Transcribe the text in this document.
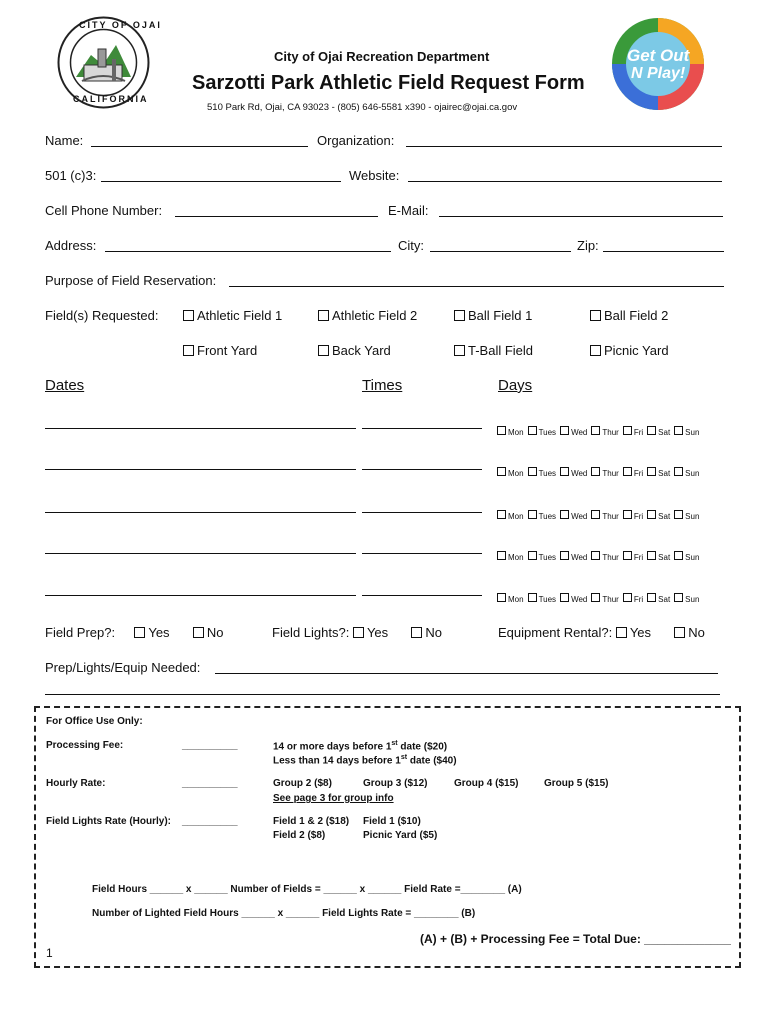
CITY OF OJAI
CALIFORNIA
Get Out
N Play!
City of Ojai Recreation Department
Sarzotti Park Athletic Field Request Form
510 Park Rd, Ojai, CA 93023 - (805) 646-5581 x390 - ojairec@ojai.ca.gov
Name:	Organization:
501 (c)3:	Website:
Cell Phone Number:	E-Mail:
Address:	City:	Zip:
Purpose of Field Reservation:
Field(s) Requested:	Athletic Field 1	Athletic Field 2	Ball Field 1	Ball Field 2
Front Yard	Back Yard	T-Ball Field	Picnic Yard
Dates	Times	Days
Mon Tues Wed Thur Fri Sat Sun
Mon Tues Wed Thur Fri Sat Sun
Mon Tues Wed Thur Fri Sat Sun
Mon Tues Wed Thur Fri Sat Sun
Mon Tues Wed Thur Fri Sat Sun
Field Prep?:	Yes	No	Field Lights?: Yes	No	Equipment Rental?: Yes	No
Prep/Lights/Equip Needed:
For Office Use Only:
Processing Fee:	__________	14 or more days before 1st date ($20)
Less than 14 days before 1st date ($40)
Hourly Rate:	__________	Group 2 ($8)	Group 3 ($12)	Group 4 ($15)	Group 5 ($15)
See page 3 for group info
Field Lights Rate (Hourly): __________	Field 1 & 2 ($18) Field 1 ($10)
Field 2 ($8)	Picnic Yard ($5)
Field Hours ______ x ______ Number of Fields = ______ x ______ Field Rate =________ (A)
Number of Lighted Field Hours ______ x ______ Field Lights Rate = ________ (B)
(A) + (B) + Processing Fee = Total Due: _____________
1
